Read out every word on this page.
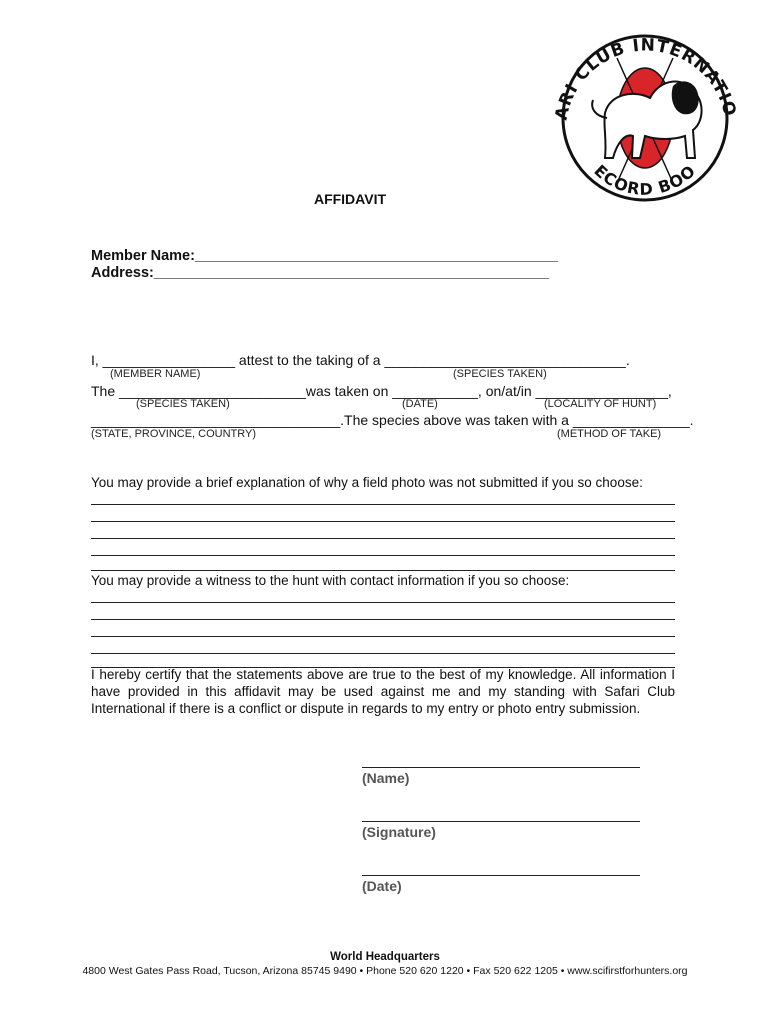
ARI CLUB INTERNATIO
ECORD BOO
AFFIDAVIT
Member Name:_____________________________________________
Address:_________________________________________________
I, _________________ attest to the taking of a _______________________________.
(MEMBER NAME)	(SPECIES TAKEN)
The ________________________was taken on ___________, on/at/in _________________,
(SPECIES TAKEN)	(DATE)	(LOCALITY OF HUNT)
________________________________.The species above was taken with a _______________.
(STATE, PROVINCE, COUNTRY)	(METHOD OF TAKE)
You may provide a brief explanation of why a field photo was not submitted if you so choose:
You may provide a witness to the hunt with contact information if you so choose:
I hereby certify that the statements above are true to the best of my knowledge. All information I have provided in this affidavit may be used against me and my standing with Safari Club International if there is a conflict or dispute in regards to my entry or photo entry submission.
(Name)
(Signature)
(Date)
World Headquarters
4800 West Gates Pass Road, Tucson, Arizona 85745 9490 • Phone 520 620 1220 • Fax 520 622 1205 • www.scifirstforhunters.org
